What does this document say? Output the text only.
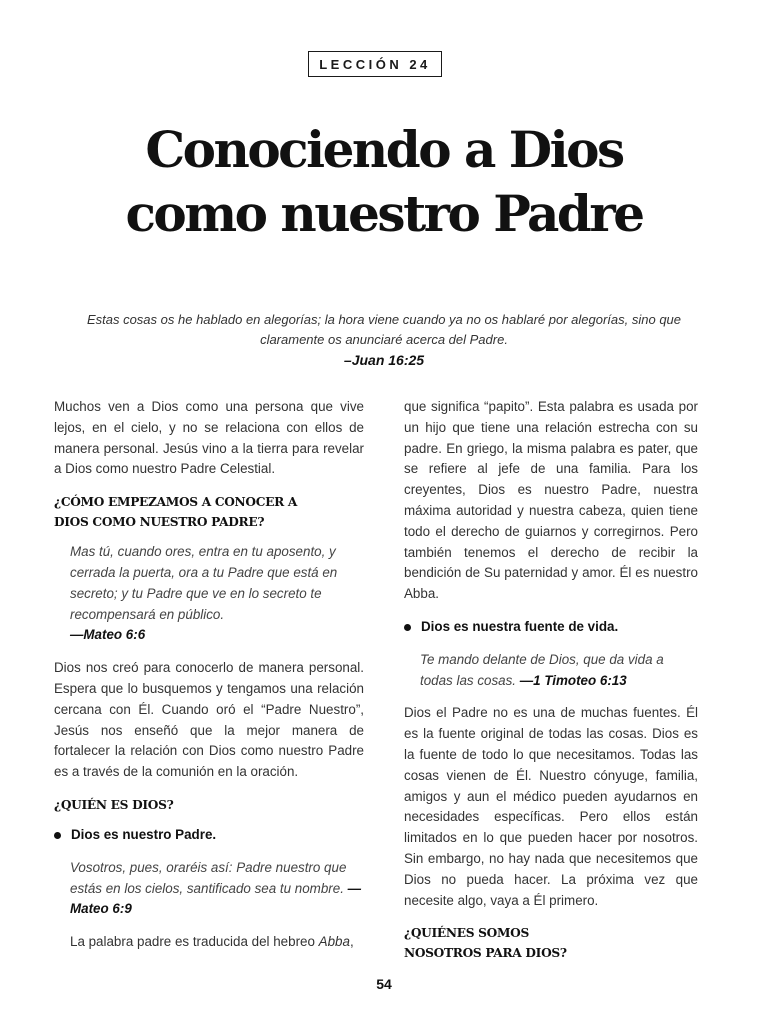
LECCIÓN 24
Conociendo a Dios
como nuestro Padre
Estas cosas os he hablado en alegorías; la hora viene cuando ya no os hablaré por alegorías, sino que claramente os anunciaré acerca del Padre.
–Juan 16:25

Muchos ven a Dios como una persona que vive lejos, en el cielo, y no se relaciona con ellos de manera personal. Jesús vino a la tierra para revelar a Dios como nuestro Padre Celestial.

¿CÓMO EMPEZAMOS A CONOCER A
DIOS COMO NUESTRO PADRE?

Mas tú, cuando ores, entra en tu aposento, y cerrada la puerta, ora a tu Padre que está en secreto; y tu Padre que ve en lo secreto te recompensará en público.
—Mateo 6:6

Dios nos creó para conocerlo de manera personal. Espera que lo busquemos y tengamos una relación cercana con Él. Cuando oró el “Padre Nuestro”, Jesús nos enseñó que la mejor manera de fortalecer la relación con Dios como nuestro Padre es a través de la comunión en la oración.

¿QUIÉN ES DIOS?
Dios es nuestro Padre.

Vosotros, pues, oraréis así: Padre nuestro que estás en los cielos, santificado sea tu nombre. —Mateo 6:9

La palabra padre es traducida del hebreo Abba,

que significa “papito”. Esta palabra es usada por un hijo que tiene una relación estrecha con su padre. En griego, la misma palabra es pater, que se refiere al jefe de una familia. Para los creyentes, Dios es nuestro Padre, nuestra máxima autoridad y nuestra cabeza, quien tiene todo el derecho de guiarnos y corregirnos. Pero también tenemos el derecho de recibir la bendición de Su paternidad y amor. Él es nuestro Abba.

Dios es nuestra fuente de vida.

Te mando delante de Dios, que da vida a todas las cosas. —1 Timoteo 6:13

Dios el Padre no es una de muchas fuentes. Él es la fuente original de todas las cosas. Dios es la fuente de todo lo que necesitamos. Todas las cosas vienen de Él. Nuestro cónyuge, familia, amigos y aun el médico pueden ayudarnos en necesidades específicas. Pero ellos están limitados en lo que pueden hacer por nosotros. Sin embargo, no hay nada que necesitemos que Dios no pueda hacer. La próxima vez que necesite algo, vaya a Él primero.

¿QUIÉNES SOMOS
NOSOTROS PARA DIOS?
54
